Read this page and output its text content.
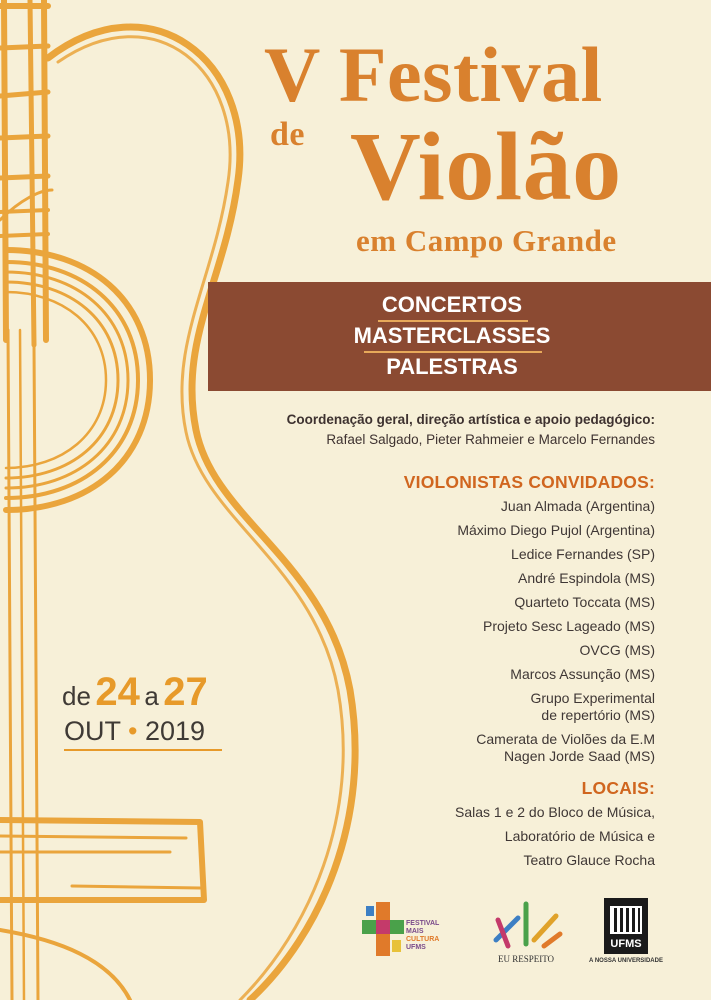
V Festival
de Violão
em Campo Grande
CONCERTOS
MASTERCLASSES
PALESTRAS
Coordenação geral, direção artística e apoio pedagógico:
Rafael Salgado, Pieter Rahmeier e Marcelo Fernandes
VIOLONISTAS CONVIDADOS:
Juan Almada (Argentina)
Máximo Diego Pujol (Argentina)
Ledice Fernandes (SP)
André Espindola (MS)
Quarteto Toccata (MS)
Projeto Sesc Lageado (MS)
OVCG (MS)
Marcos Assunção (MS)
Grupo Experimental
de repertório (MS)
Camerata de Violões da E.M
Nagen Jorde Saad (MS)
LOCAIS:
Salas 1 e 2 do Bloco de Música,
Laboratório de Música e
Teatro Glauce Rocha
de 24 a 27
OUT • 2019
FESTIVAL
MAIS
CULTURA
UFMS
EU RESPEITO
UFMS
A NOSSA UNIVERSIDADE
